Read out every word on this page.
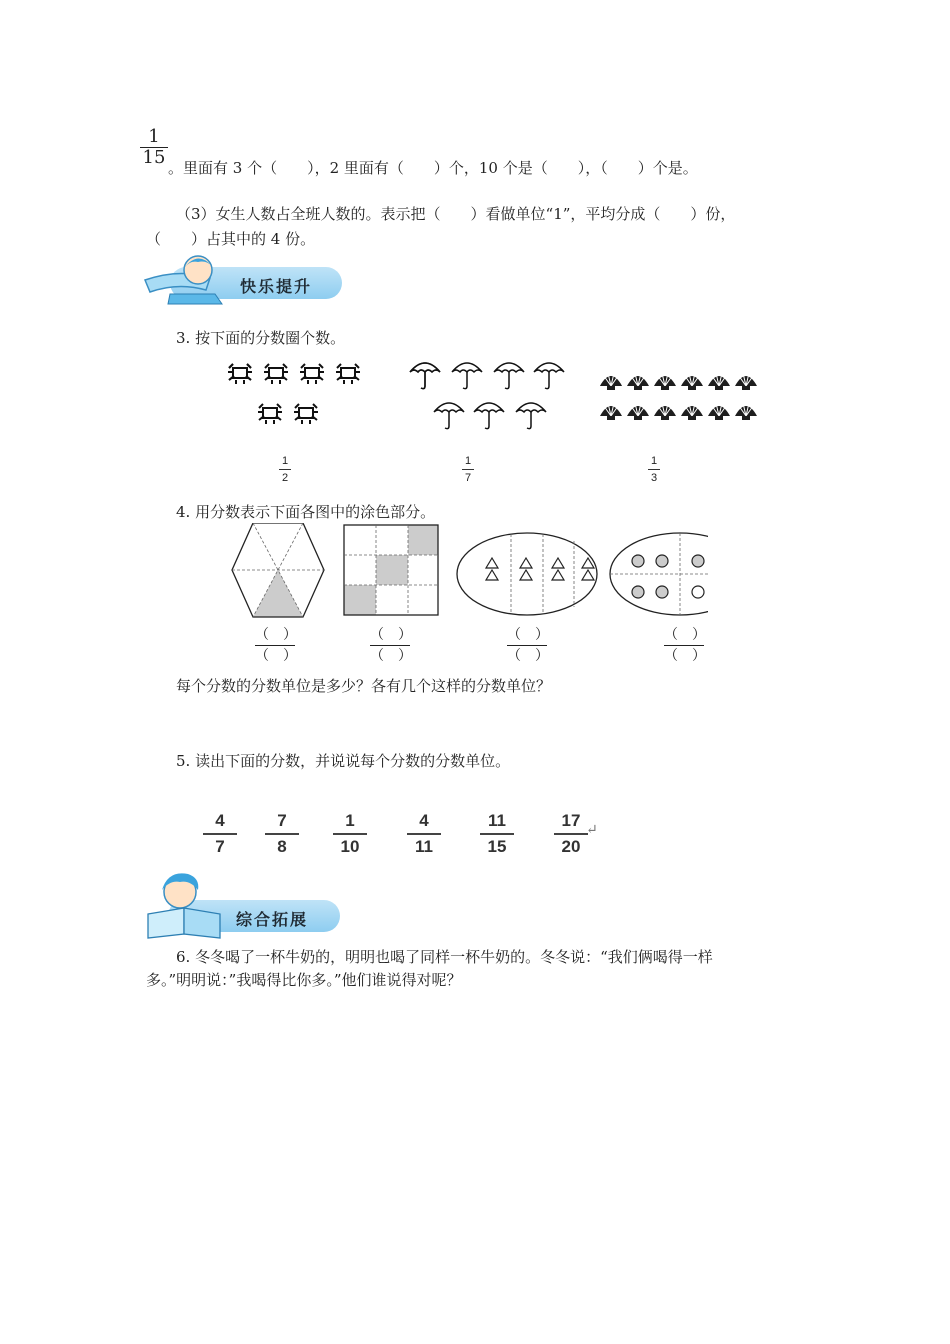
1
15 。里面有 3 个（　　），2 里面有（　　）个，10 个是（　　），（　　）个是。
（3）女生人数占全班人数的。表示把（　　）看做单位“1”，平均分成（　　）份，
（　　）占其中的 4 份。
快乐提升
3. 按下面的分数圈个数。
1
2
1
7
1
3
4. 用分数表示下面各图中的涂色部分。
（　）
（　）
（　）
（　）
（　）
（　）
（　）
（　）
每个分数的分数单位是多少？各有几个这样的分数单位？
5. 读出下面的分数，并说说每个分数的分数单位。
4
7
7
8
1
10
4
11
11
15
17
20
↵
综合拓展
6. 冬冬喝了一杯牛奶的，明明也喝了同样一杯牛奶的。冬冬说：“我们俩喝得一样
多。”明明说：”我喝得比你多。”他们谁说得对呢？
